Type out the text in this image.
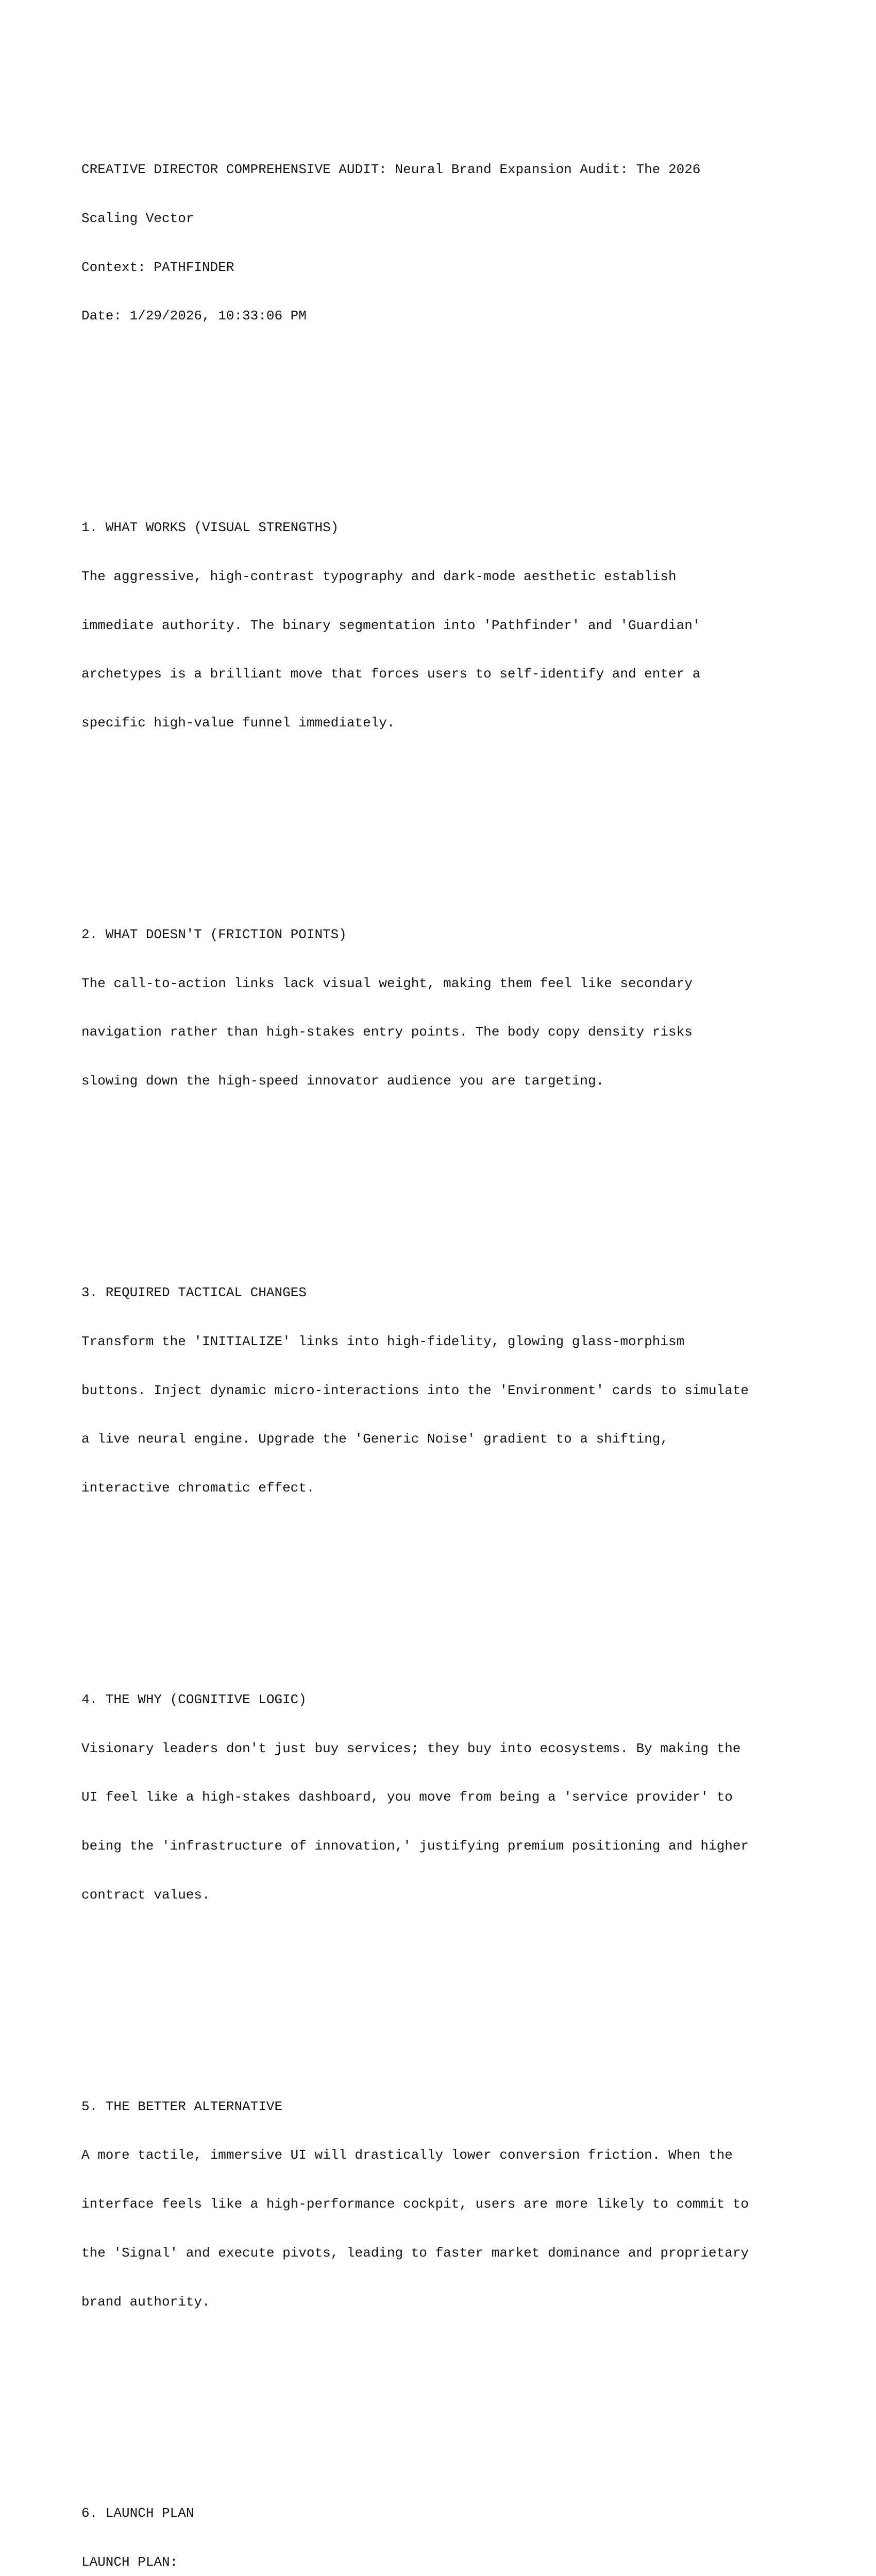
CREATIVE DIRECTOR COMPREHENSIVE AUDIT: Neural Brand Expansion Audit: The 2026

Scaling Vector

Context: PATHFINDER

Date: 1/29/2026, 10:33:06 PM

1. WHAT WORKS (VISUAL STRENGTHS)

The aggressive, high-contrast typography and dark-mode aesthetic establish

immediate authority. The binary segmentation into 'Pathfinder' and 'Guardian'

archetypes is a brilliant move that forces users to self-identify and enter a

specific high-value funnel immediately.

2. WHAT DOESN'T (FRICTION POINTS)

The call-to-action links lack visual weight, making them feel like secondary

navigation rather than high-stakes entry points. The body copy density risks

slowing down the high-speed innovator audience you are targeting.

3. REQUIRED TACTICAL CHANGES

Transform the 'INITIALIZE' links into high-fidelity, glowing glass-morphism

buttons. Inject dynamic micro-interactions into the 'Environment' cards to simulate

a live neural engine. Upgrade the 'Generic Noise' gradient to a shifting,

interactive chromatic effect.

4. THE WHY (COGNITIVE LOGIC)

Visionary leaders don't just buy services; they buy into ecosystems. By making the

UI feel like a high-stakes dashboard, you move from being a 'service provider' to

being the 'infrastructure of innovation,' justifying premium positioning and higher

contract values.

5. THE BETTER ALTERNATIVE

A more tactile, immersive UI will drastically lower conversion friction. When the

interface feels like a high-performance cockpit, users are more likely to commit to

the 'Signal' and execute pivots, leading to faster market dominance and proprietary

brand authority.

6. LAUNCH PLAN

LAUNCH PLAN:
